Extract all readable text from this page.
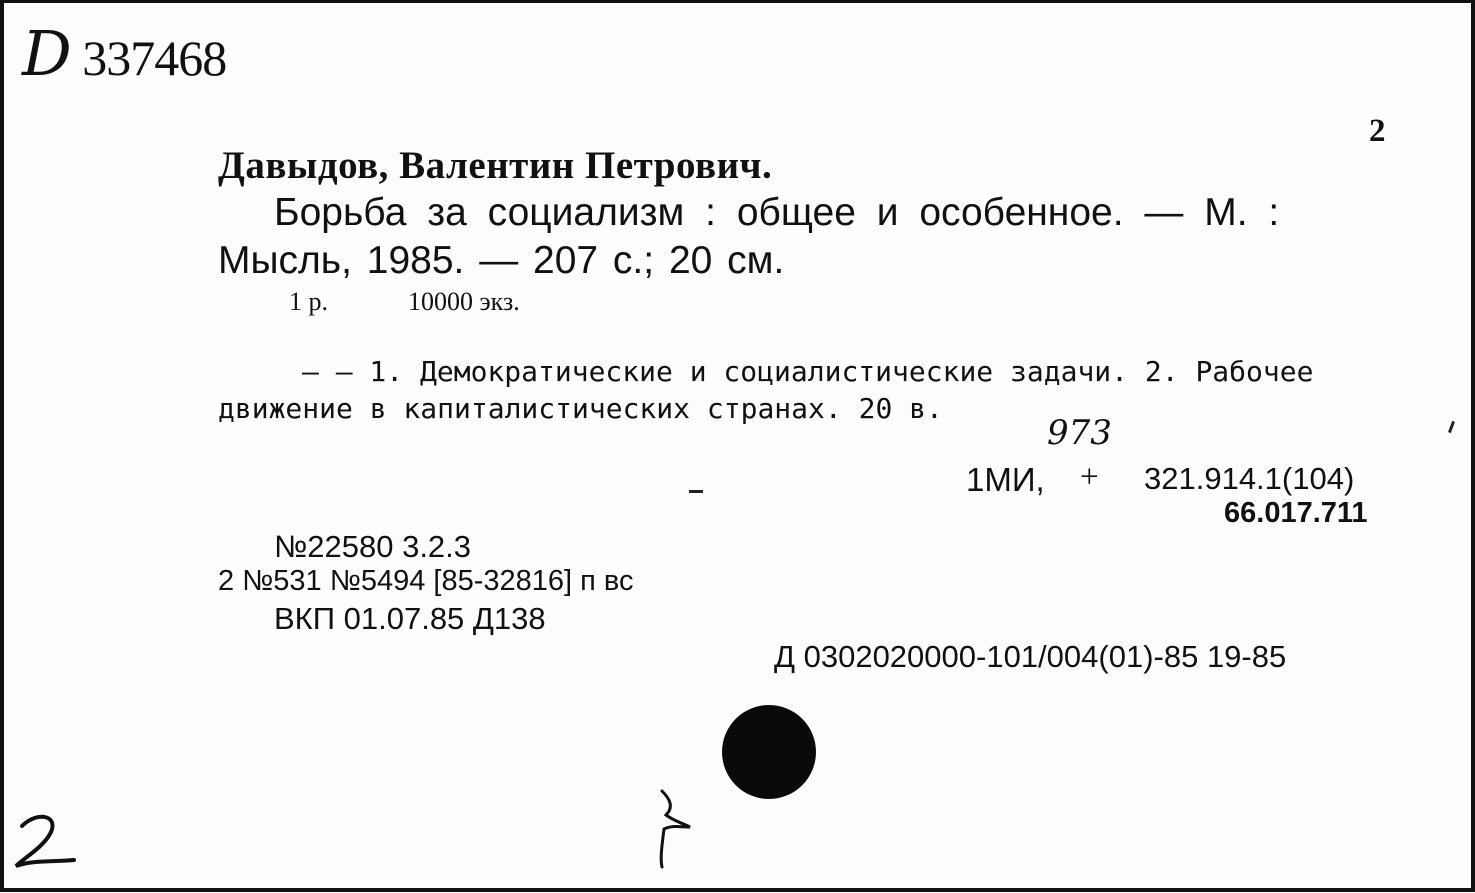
D 337468
2
Давыдов, Валентин Петрович.
Борьба за социализм : общее и особенное. — М. :
Мысль, 1985. — 207 с.; 20 см.
1 р.	10000 экз.
— — 1. Демократические и социалистические задачи. 2. Рабочее
движение в капиталистических странах. 20 в.
973
1МИ, + 321.914.1(104)
66.017.711
№22580 3.2.3
2 №531 №5494 [85-32816] п вс
ВКП 01.07.85 Д138
Д 0302020000-101/004(01)-85 19-85
